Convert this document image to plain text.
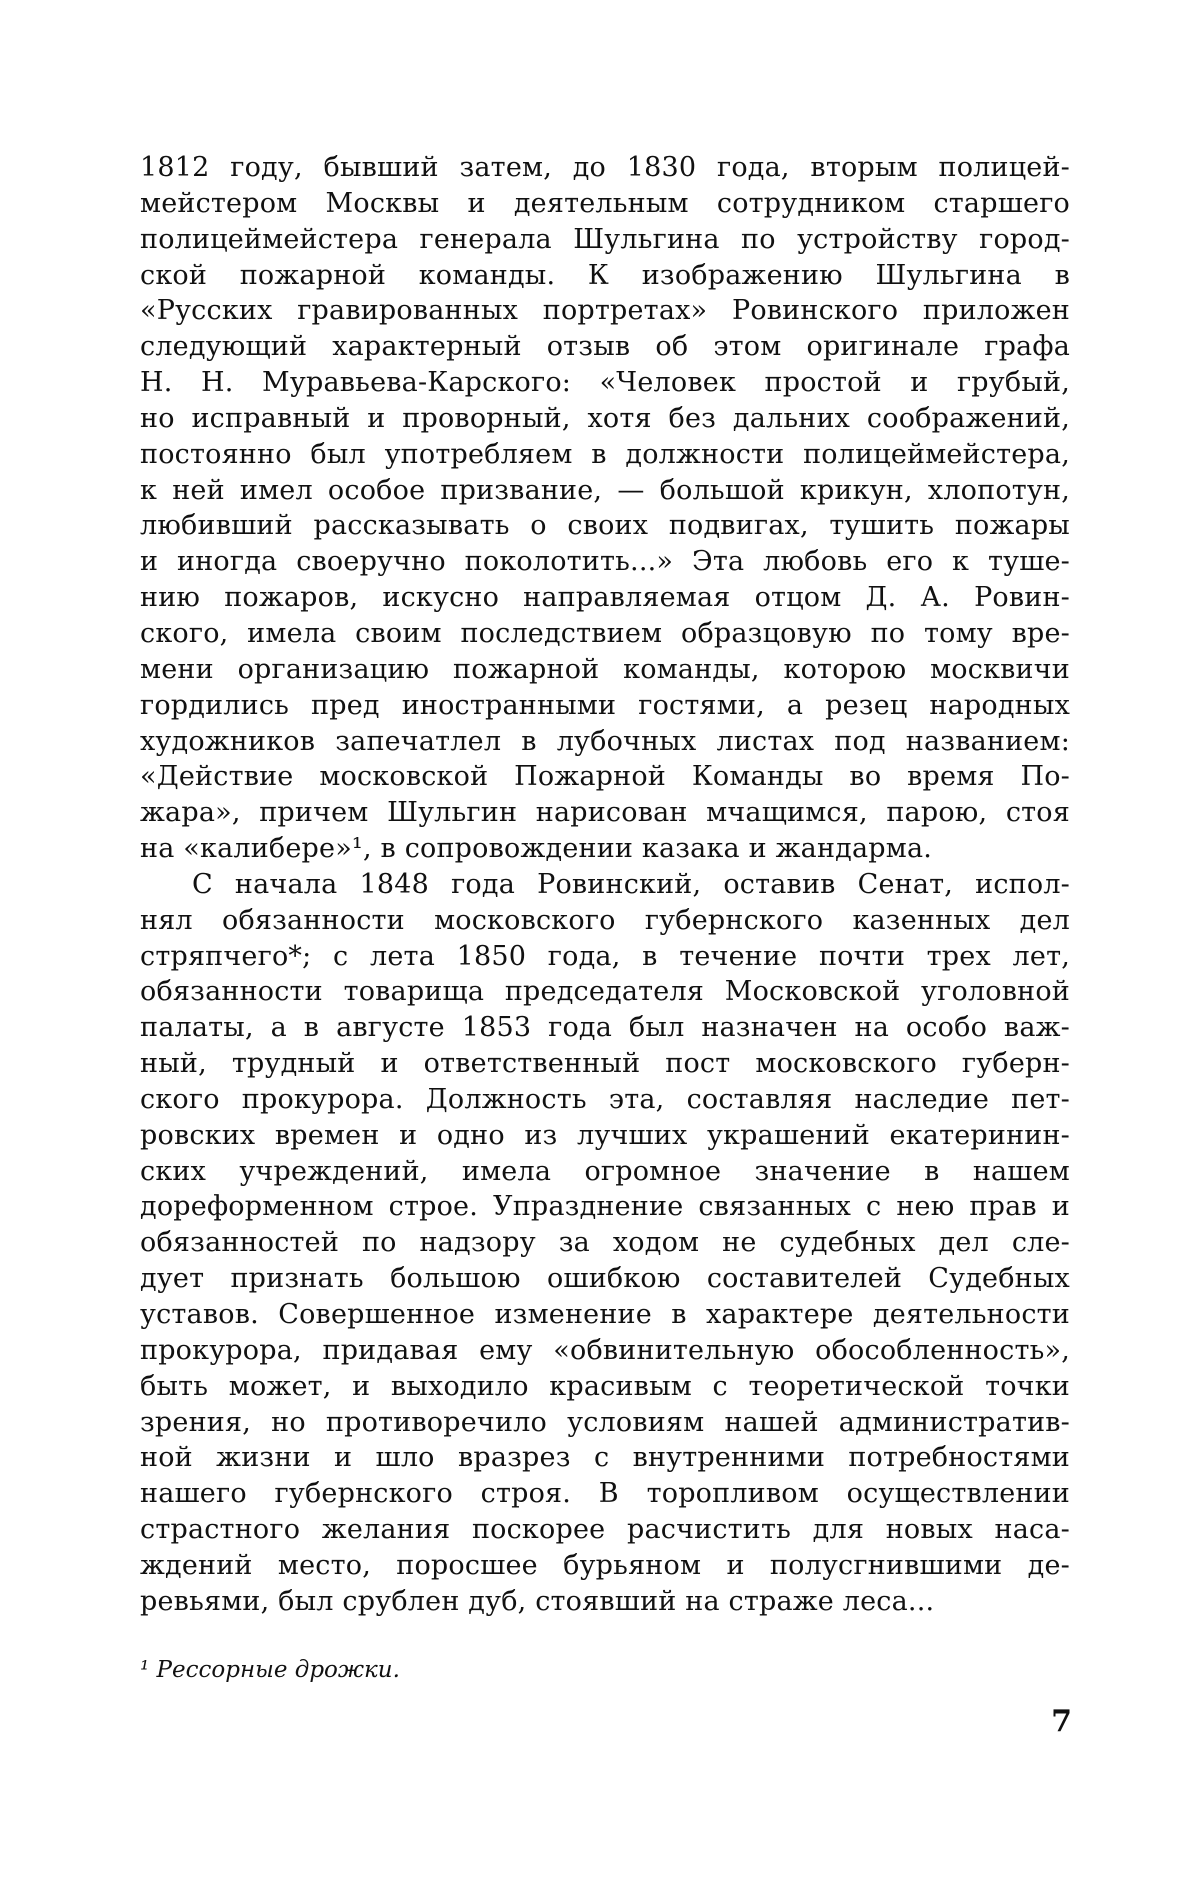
1812 году, бывший затем, до 1830 года, вторым полицей-
мейстером Москвы и деятельным сотрудником старшего
полицеймейстера генерала Шульгина по устройству город-
ской пожарной команды. К изображению Шульгина в
«Русских гравированных портретах» Ровинского приложен
следующий характерный отзыв об этом оригинале графа
Н. Н. Муравьева-Карского: «Человек простой и грубый,
но исправный и проворный, хотя без дальних соображений,
постоянно был употребляем в должности полицеймейстера,
к ней имел особое призвание, — большой крикун, хлопотун,
любивший рассказывать о своих подвигах, тушить пожары
и иногда своеручно поколотить...» Эта любовь его к туше-
нию пожаров, искусно направляемая отцом Д. А. Ровин-
ского, имела своим последствием образцовую по тому вре-
мени организацию пожарной команды, которою москвичи
гордились пред иностранными гостями, а резец народных
художников запечатлел в лубочных листах под названием:
«Действие московской Пожарной Команды во время По-
жара», причем Шульгин нарисован мчащимся, парою, стоя
на «калибере»¹, в сопровождении казака и жандарма.
С начала 1848 года Ровинский, оставив Сенат, испол-
нял обязанности московского губернского казенных дел
стряпчего*; с лета 1850 года, в течение почти трех лет,
обязанности товарища председателя Московской уголовной
палаты, а в августе 1853 года был назначен на особо важ-
ный, трудный и ответственный пост московского губерн-
ского прокурора. Должность эта, составляя наследие пет-
ровских времен и одно из лучших украшений екатеринин-
ских учреждений, имела огромное значение в нашем
дореформенном строе. Упразднение связанных с нею прав и
обязанностей по надзору за ходом не судебных дел сле-
дует признать большою ошибкою составителей Судебных
уставов. Совершенное изменение в характере деятельности
прокурора, придавая ему «обвинительную обособленность»,
быть может, и выходило красивым с теоретической точки
зрения, но противоречило условиям нашей административ-
ной жизни и шло вразрез с внутренними потребностями
нашего губернского строя. В торопливом осуществлении
страстного желания поскорее расчистить для новых наса-
ждений место, поросшее бурьяном и полусгнившими де-
ревьями, был срублен дуб, стоявший на страже леса...
¹ Рессорные дрожки.
7
